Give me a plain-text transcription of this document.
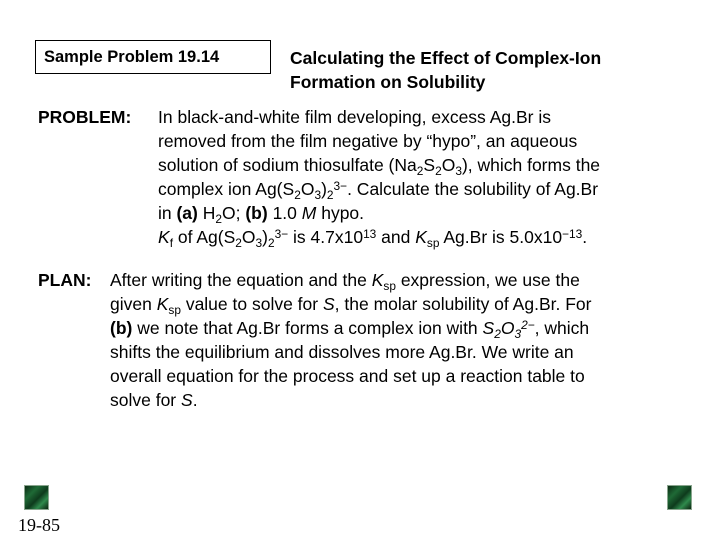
Sample Problem 19.14	Calculating the Effect of Complex-Ion
Formation on Solubility
PROBLEM: In black-and-white film developing, excess Ag.Br is
removed from the film negative by “hypo”, an aqueous
solution of sodium thiosulfate $(Na_2S_2O_3)$, which forms the
complex ion $Ag(S_2O_3)_2^{3-}$. Calculate the solubility of Ag.Br
in (a) $H_2O$; (b) 1.0 M hypo.
$K_f$ of $Ag(S_2O_3)_2^{3-}$ is $4.7x10^{13}$ and $K_{sp}$ Ag.Br is $5.0x10^{-13}$.
PLAN: After writing the equation and the $K_{sp}$ expression, we use the
given $K_{sp}$ value to solve for S, the molar solubility of Ag.Br. For
(b) we note that Ag.Br forms a complex ion with $S_2O_3^{2-}$, which
shifts the equilibrium and dissolves more Ag.Br. We write an
overall equation for the process and set up a reaction table to
solve for S.
19-85
